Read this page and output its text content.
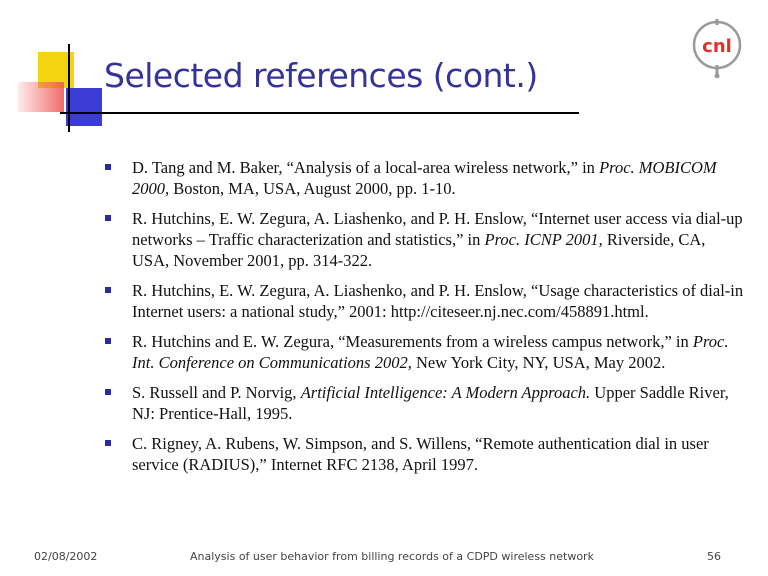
Selected references (cont.)
cnl
D. Tang and M. Baker, “Analysis of a local-area wireless network,” in Proc. MOBICOM 2000, Boston, MA, USA, August 2000, pp. 1-10.
R. Hutchins, E. W. Zegura, A. Liashenko, and P. H. Enslow, “Internet user access via dial-up networks – Traffic characterization and statistics,” in Proc. ICNP 2001, Riverside, CA, USA, November 2001, pp. 314-322.
R. Hutchins, E. W. Zegura, A. Liashenko, and P. H. Enslow, “Usage characteristics of dial-in Internet users: a national study,” 2001: http://citeseer.nj.nec.com/458891.html.
R. Hutchins and E. W. Zegura, “Measurements from a wireless campus network,” in Proc. Int. Conference on Communications 2002, New York City, NY, USA, May 2002.
S. Russell and P. Norvig, Artificial Intelligence: A Modern Approach. Upper Saddle River, NJ: Prentice-Hall, 1995.
C. Rigney, A. Rubens, W. Simpson, and S. Willens, “Remote authentication dial in user service (RADIUS),” Internet RFC 2138, April 1997.
02/08/2002	Analysis of user behavior from billing records of a CDPD wireless network	56
